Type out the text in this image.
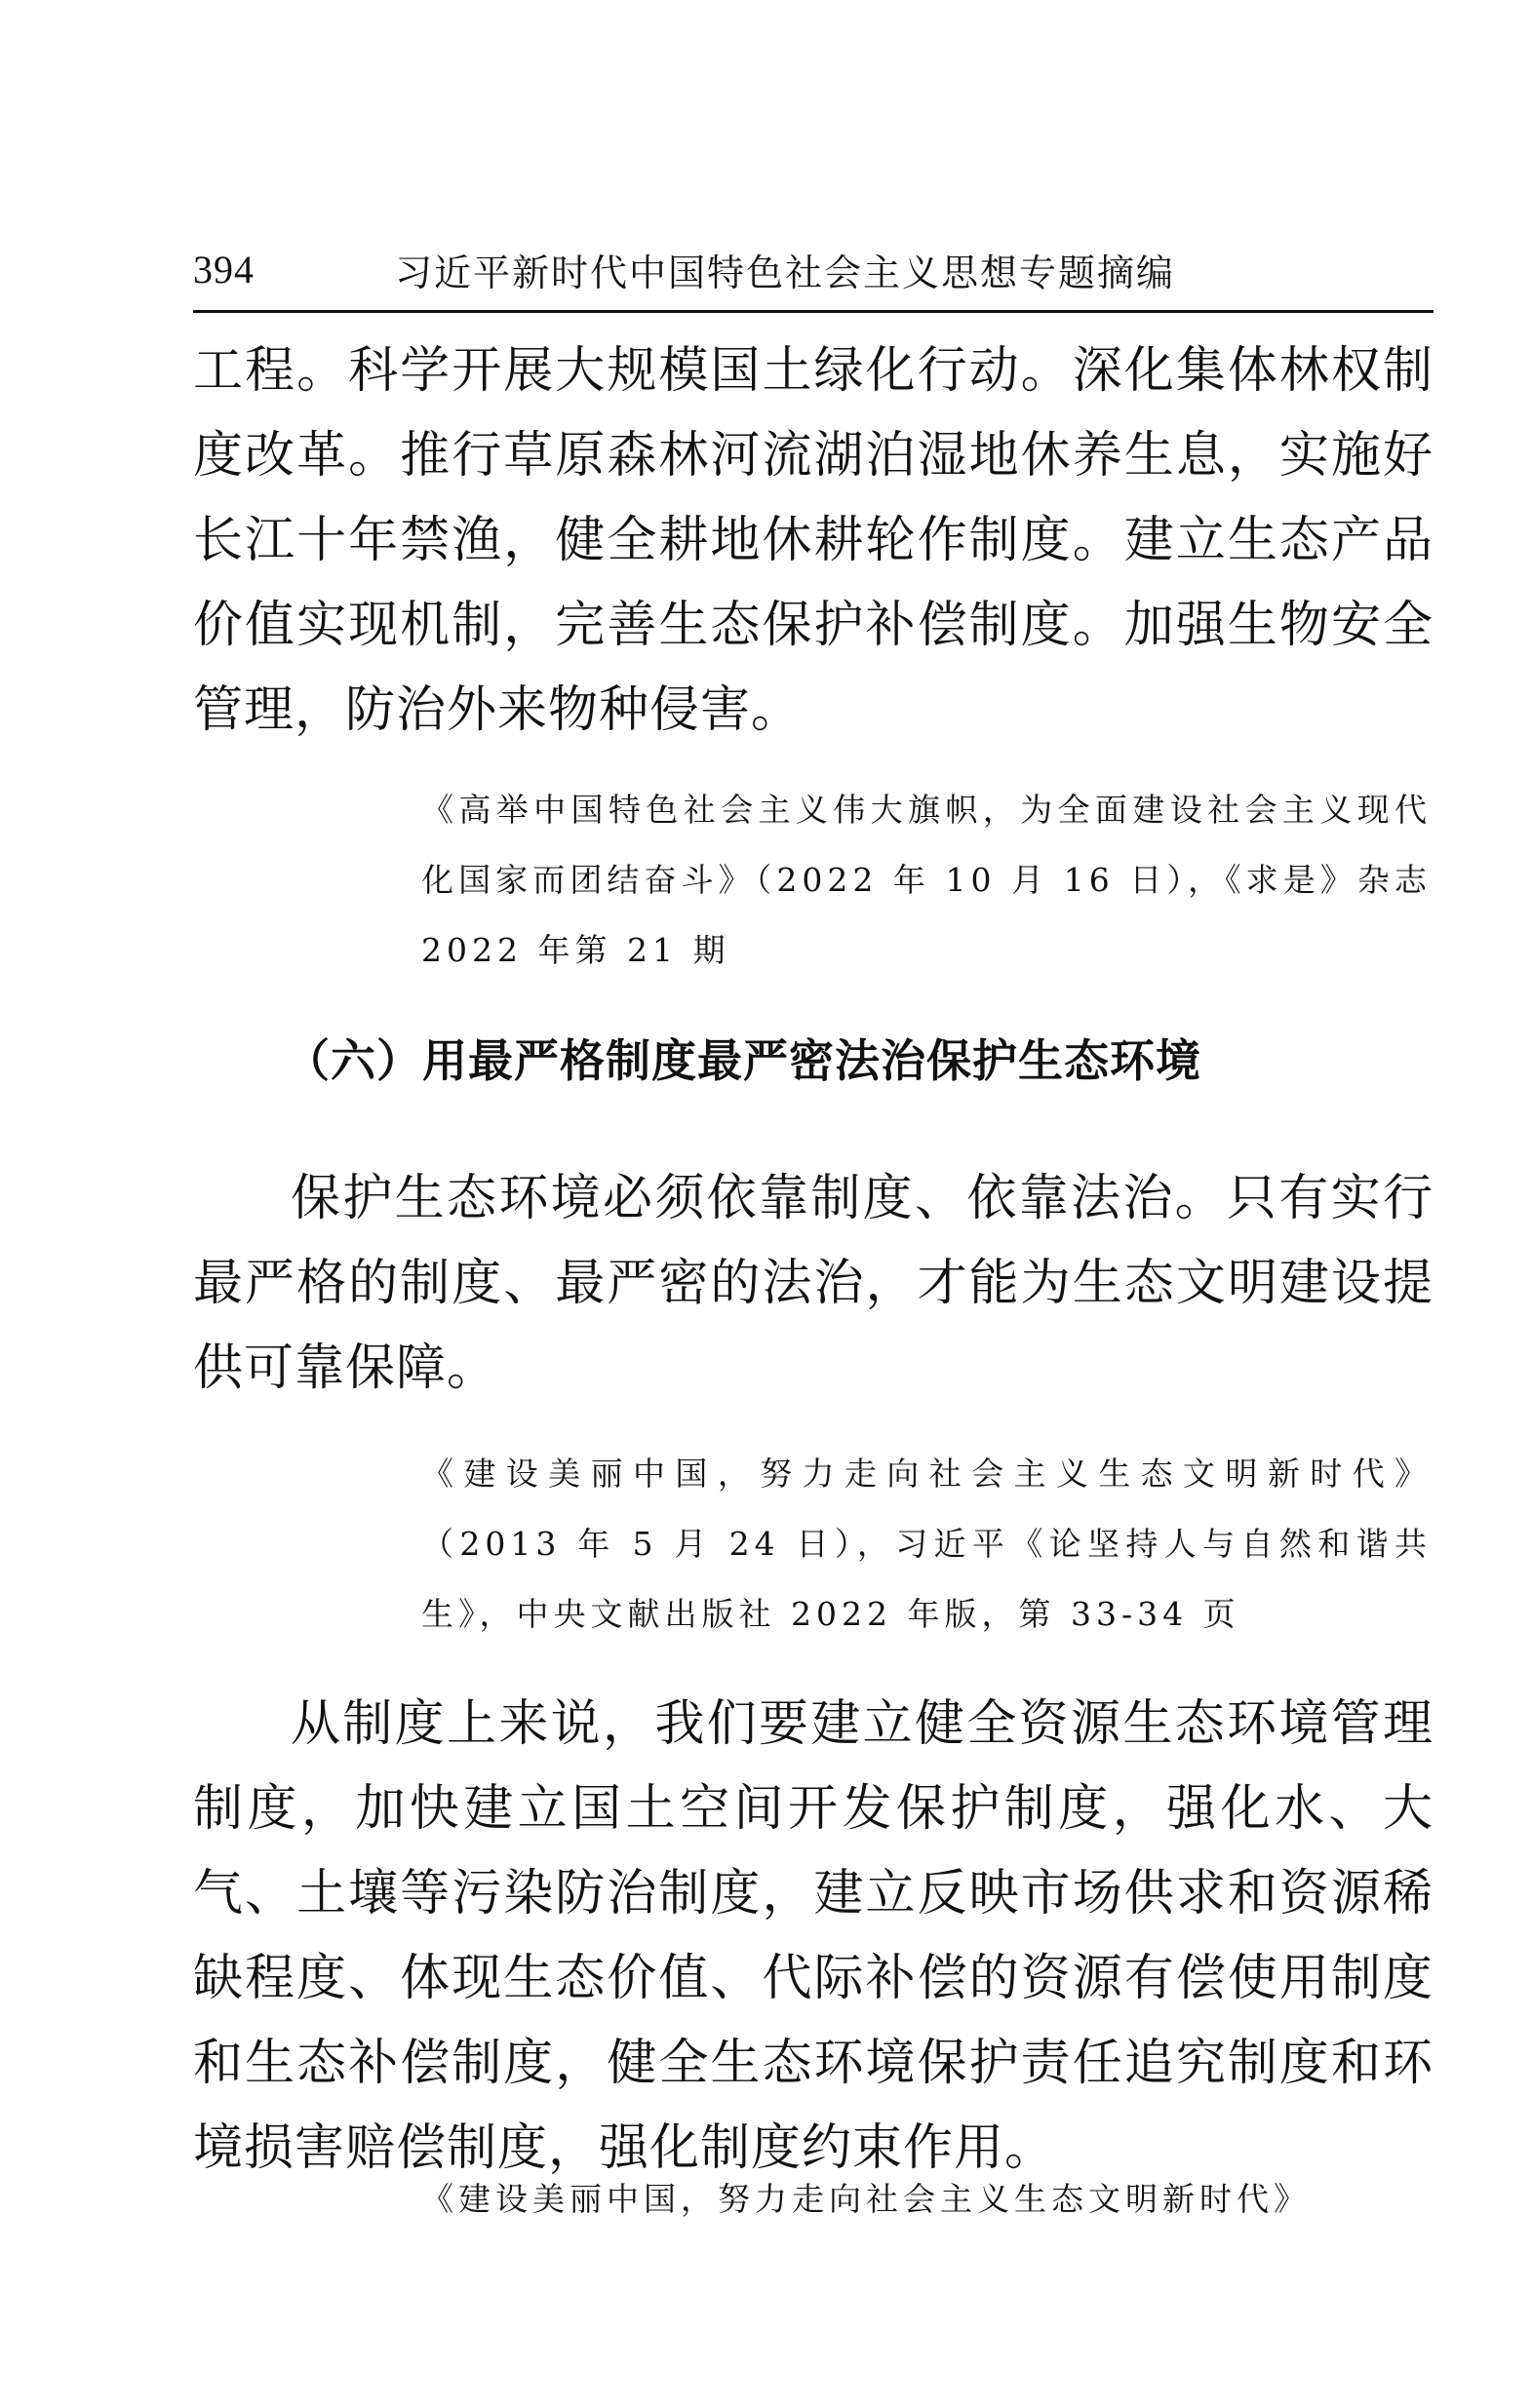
394	习近平新时代中国特色社会主义思想专题摘编

工程。科学开展大规模国土绿化行动。深化集体林权制度改革。推行草原森林河流湖泊湿地休养生息，实施好长江十年禁渔，健全耕地休耕轮作制度。建立生态产品价值实现机制，完善生态保护补偿制度。加强生物安全管理，防治外来物种侵害。

《高举中国特色社会主义伟大旗帜，为全面建设社会主义现代化国家而团结奋斗》（2022 年 10 月 16 日），《求是》杂志 2022 年第 21 期

（六）用最严格制度最严密法治保护生态环境

保护生态环境必须依靠制度、依靠法治。只有实行最严格的制度、最严密的法治，才能为生态文明建设提供可靠保障。

《建设美丽中国，努力走向社会主义生态文明新时代》（2013 年 5 月 24 日），习近平《论坚持人与自然和谐共生》，中央文献出版社 2022 年版，第 33-34 页

从制度上来说，我们要建立健全资源生态环境管理制度，加快建立国土空间开发保护制度，强化水、大气、土壤等污染防治制度，建立反映市场供求和资源稀缺程度、体现生态价值、代际补偿的资源有偿使用制度和生态补偿制度，健全生态环境保护责任追究制度和环境损害赔偿制度，强化制度约束作用。

《建设美丽中国，努力走向社会主义生态文明新时代》
